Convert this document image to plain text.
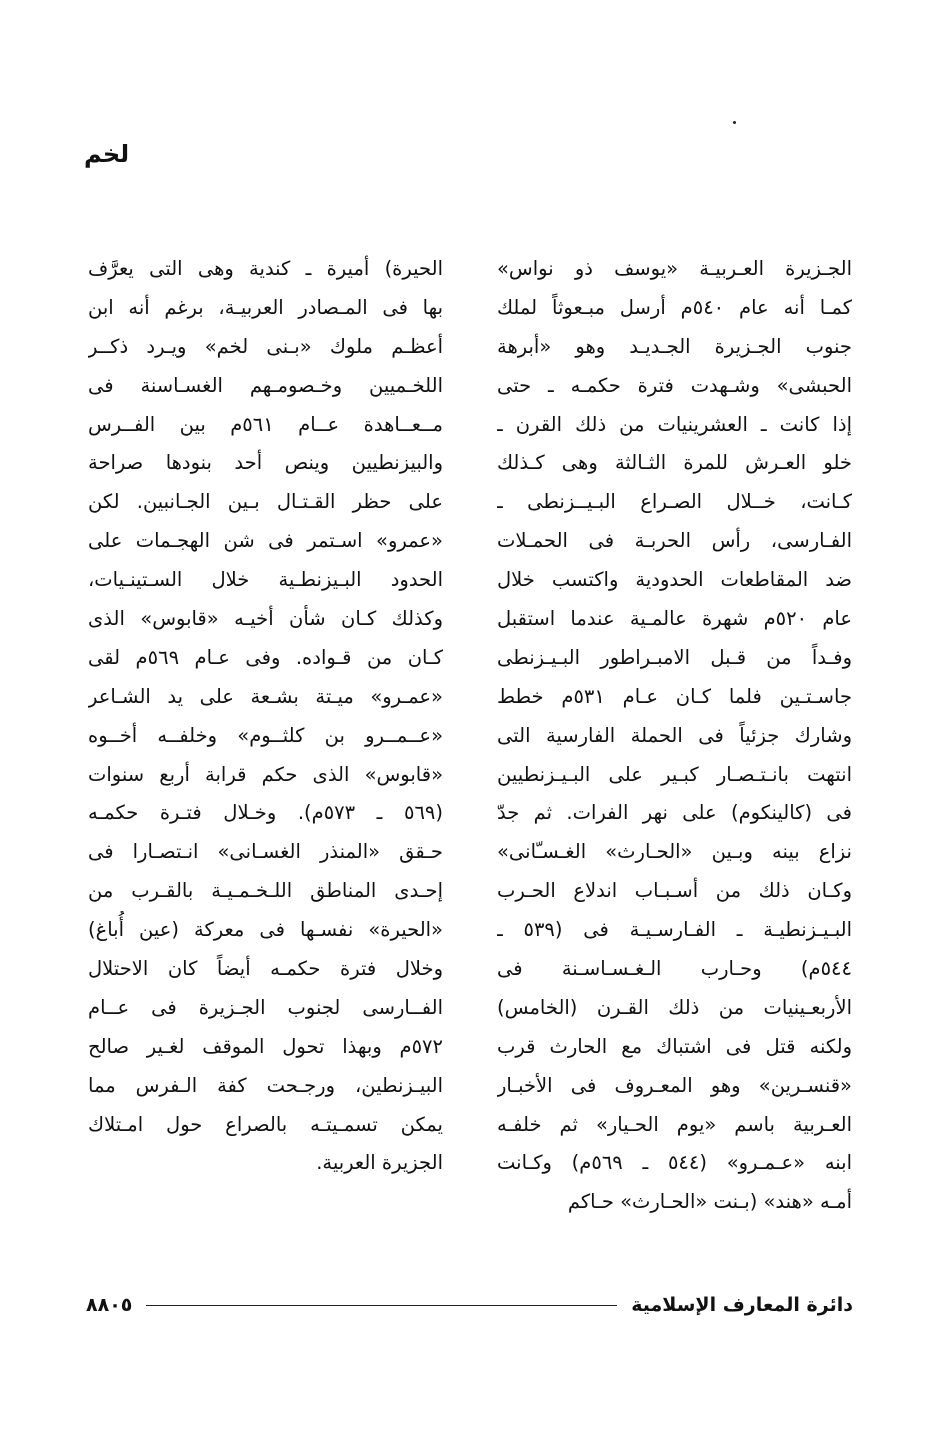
لخم
الجـزيرة العـربيـة «يوسف ذو نواس»
كمـا أنه عام ٥٤٠م أرسل مبـعوثاً لملك
جنوب الجـزيرة الجـديـد وهو «أبرهة
الحبشى» وشـهدت فترة حكمـه ـ حتى
إذا كانت ـ العشرينيات من ذلك القرن ـ
خلو العـرش للمرة الثـالثة وهى كـذلك
كـانت، خــلال الصـراع البـيــزنطى ـ
الفـارسى، رأس الحربـة فى الحمـلات
ضد المقاطعات الحدودية واكتسب خلال
عام ٥٢٠م شهرة عالمـية عندما استقبل
وفـداً من قـبل الامبـراطور البـيـزنطى
جاسـتـين فلما كـان عـام ٥٣١م خطط
وشارك جزئياً فى الحملة الفارسية التى
انتهت بانـتـصـار كبـير على البـيـزنطيين
فى (كالينكوم) على نهر الفرات. ثم جدّ
نزاع بينه وبـين «الحـارث» الغـسـّانى»
وكـان ذلك من أسـبـاب اندلاع الحـرب
البـيـزنطيـة ـ الفـارسـيـة فى (٥٣٩ ـ
٥٤٤م) وحـارب الـغـسـاسـنة فى
الأربعـينيات من ذلك القـرن (الخامس)
ولكنه قتل فى اشتباك مع الحارث قرب
«قنسـرين» وهو المعـروف فى الأخبـار
العـربية باسم «يوم الحـيار» ثم خلفـه
ابنه «عـمـرو» (٥٤٤ ـ ٥٦٩م) وكـانت
أمـه «هند» (بـنت «الحـارث» حـاكم
الحيرة) أميرة ـ كندية وهى التى يعرَّف
بها فى المـصادر العربيـة، برغم أنه ابن
أعظـم ملوك «بـنى لخم» ويـرد ذكــر
اللخـميين وخـصومـهم الغسـاسنة فى
مــعــاهدة عــام ٥٦١م بين الفــرس
والبيزنطيين وينص أحد بنودها صراحة
على حظر القـتـال بـين الجـانبين. لكن
«عمرو» اسـتمر فى شن الهجـمات على
الحدود البـيزنطـية خلال السـتينـيات،
وكذلك كـان شأن أخيـه «قابوس» الذى
كـان من قـواده. وفى عـام ٥٦٩م لقى
«عمـرو» ميـتة بشـعة على يد الشـاعر
«عــمــرو بن كلثــوم» وخلفــه أخــوه
«قابوس» الذى حكم قرابة أربع سنوات
(٥٦٩ ـ ٥٧٣م). وخـلال فتـرة حكمـه
حـقق «المنذر الغسـانى» انـتصـارا فى
إحـدى المناطق اللـخـمـيـة بالقـرب من
«الحيرة» نفسـها فى معركة (عين أُباغ)
وخلال فترة حكمـه أيضاً كان الاحتلال
الفــارسى لجنوب الجـزيرة فى عــام
٥٧٢م وبهذا تحول الموقف لغـير صالح
البيـزنطين، ورجـحت كفة الـفرس مما
يمكن تسمـيتـه بالصراع حول امـتلاك
الجزيرة العربية.
دائرة المعارف الإسلامية
٨٨٠٥
